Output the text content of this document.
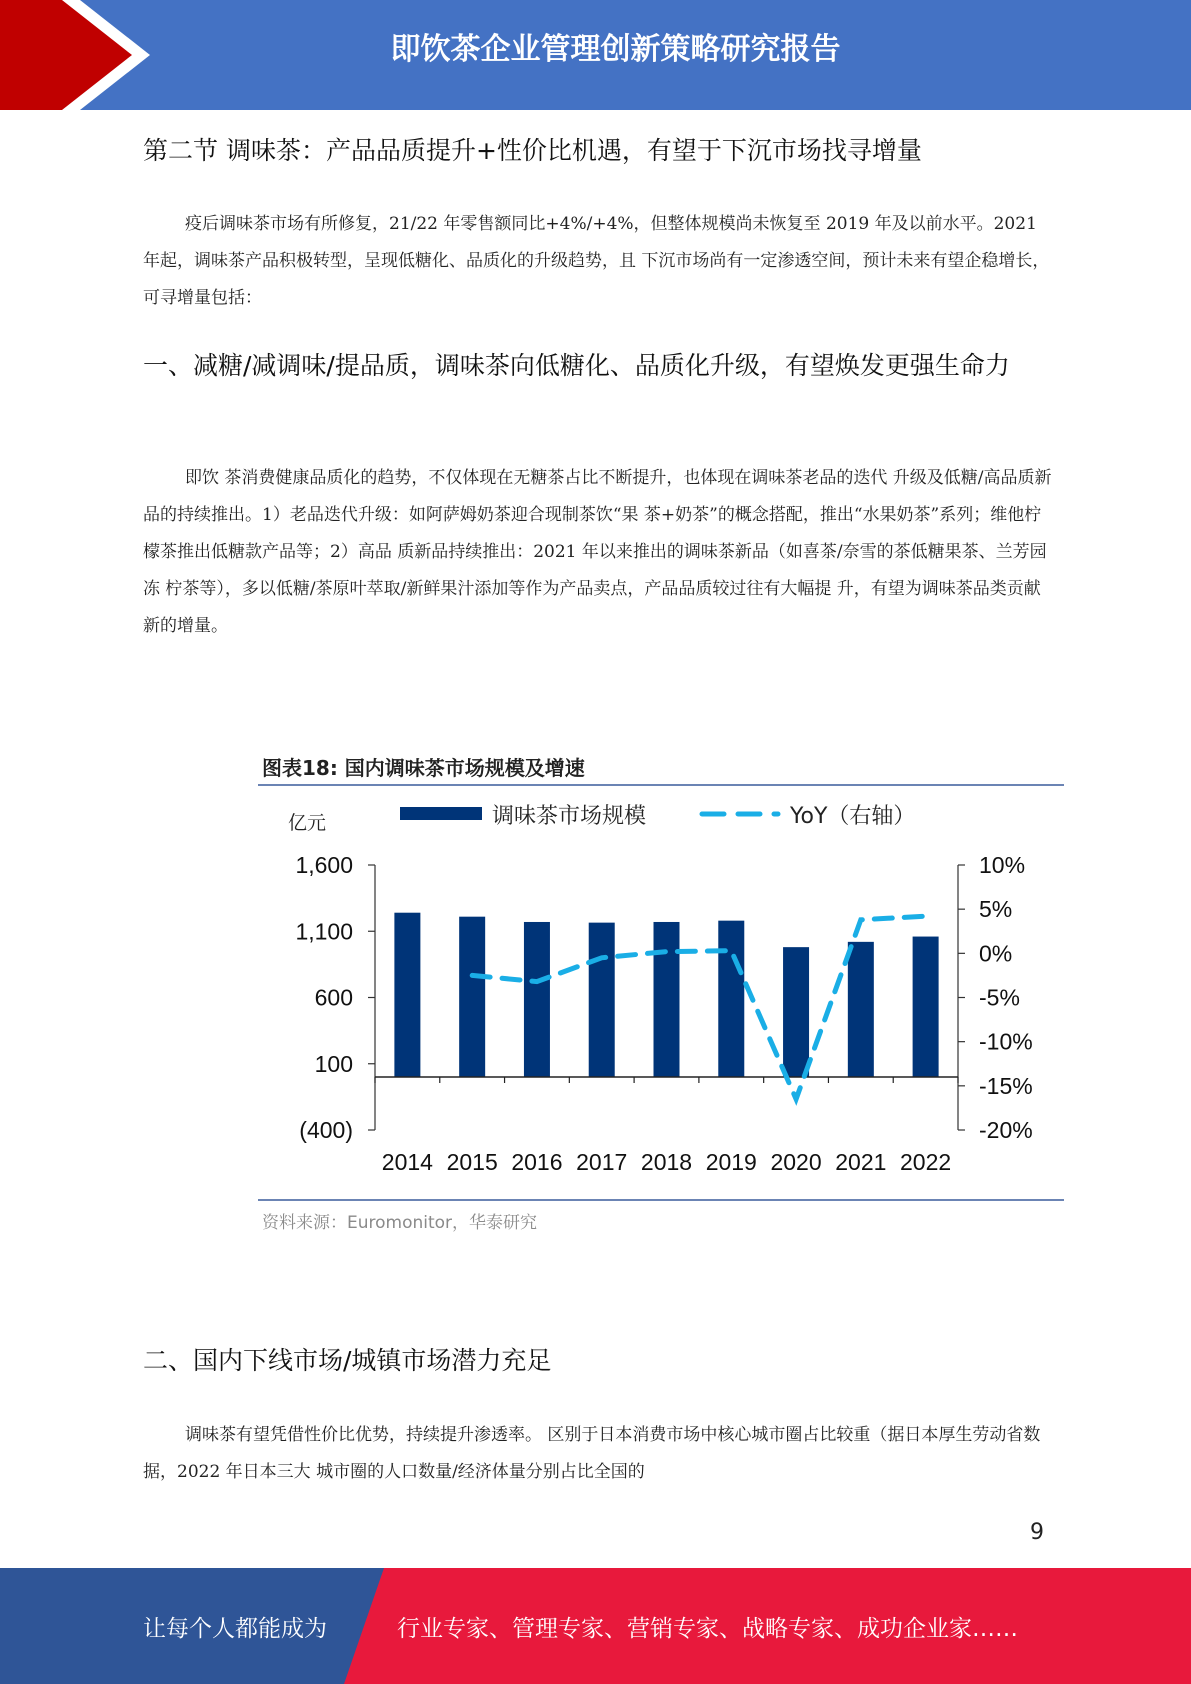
即饮茶企业管理创新策略研究报告
第二节 调味茶：产品品质提升+性价比机遇，有望于下沉市场找寻增量
疫后调味茶市场有所修复，21/22 年零售额同比+4%/+4%，但整体规模尚未恢复至 2019 年及以前水平。2021 年起，调味茶产品积极转型，呈现低糖化、品质化的升级趋势，且 下沉市场尚有一定渗透空间，预计未来有望企稳增长，可寻增量包括：
一、减糖/减调味/提品质，调味茶向低糖化、品质化升级，有望焕发更强生命力
即饮 茶消费健康品质化的趋势，不仅体现在无糖茶占比不断提升，也体现在调味茶老品的迭代 升级及低糖/高品质新品的持续推出。1）老品迭代升级：如阿萨姆奶茶迎合现制茶饮“果 茶+奶茶”的概念搭配，推出“水果奶茶”系列；维他柠檬茶推出低糖款产品等；2）高品 质新品持续推出：2021 年以来推出的调味茶新品（如喜茶/奈雪的茶低糖果茶、兰芳园冻 柠茶等），多以低糖/茶原叶萃取/新鲜果汁添加等作为产品卖点，产品品质较过往有大幅提 升，有望为调味茶品类贡献新的增量。
图表18: 国内调味茶市场规模及增速
(400)
100
600
1,100
1,600	10%
5%
0%
-5%
-10%
-15%
-20%
亿元
2014 2015 2016 2017 2018 2019 2020 2021 2022
调味茶市场规模	YoY（右轴）
资料来源：Euromonitor，华泰研究
二、国内下线市场/城镇市场潜力充足
调味茶有望凭借性价比优势，持续提升渗透率。 区别于日本消费市场中核心城市圈占比较重（据日本厚生劳动省数据，2022 年日本三大 城市圈的人口数量/经济体量分别占比全国的
9
让每个人都能成为	行业专家、管理专家、营销专家、战略专家、成功企业家……
